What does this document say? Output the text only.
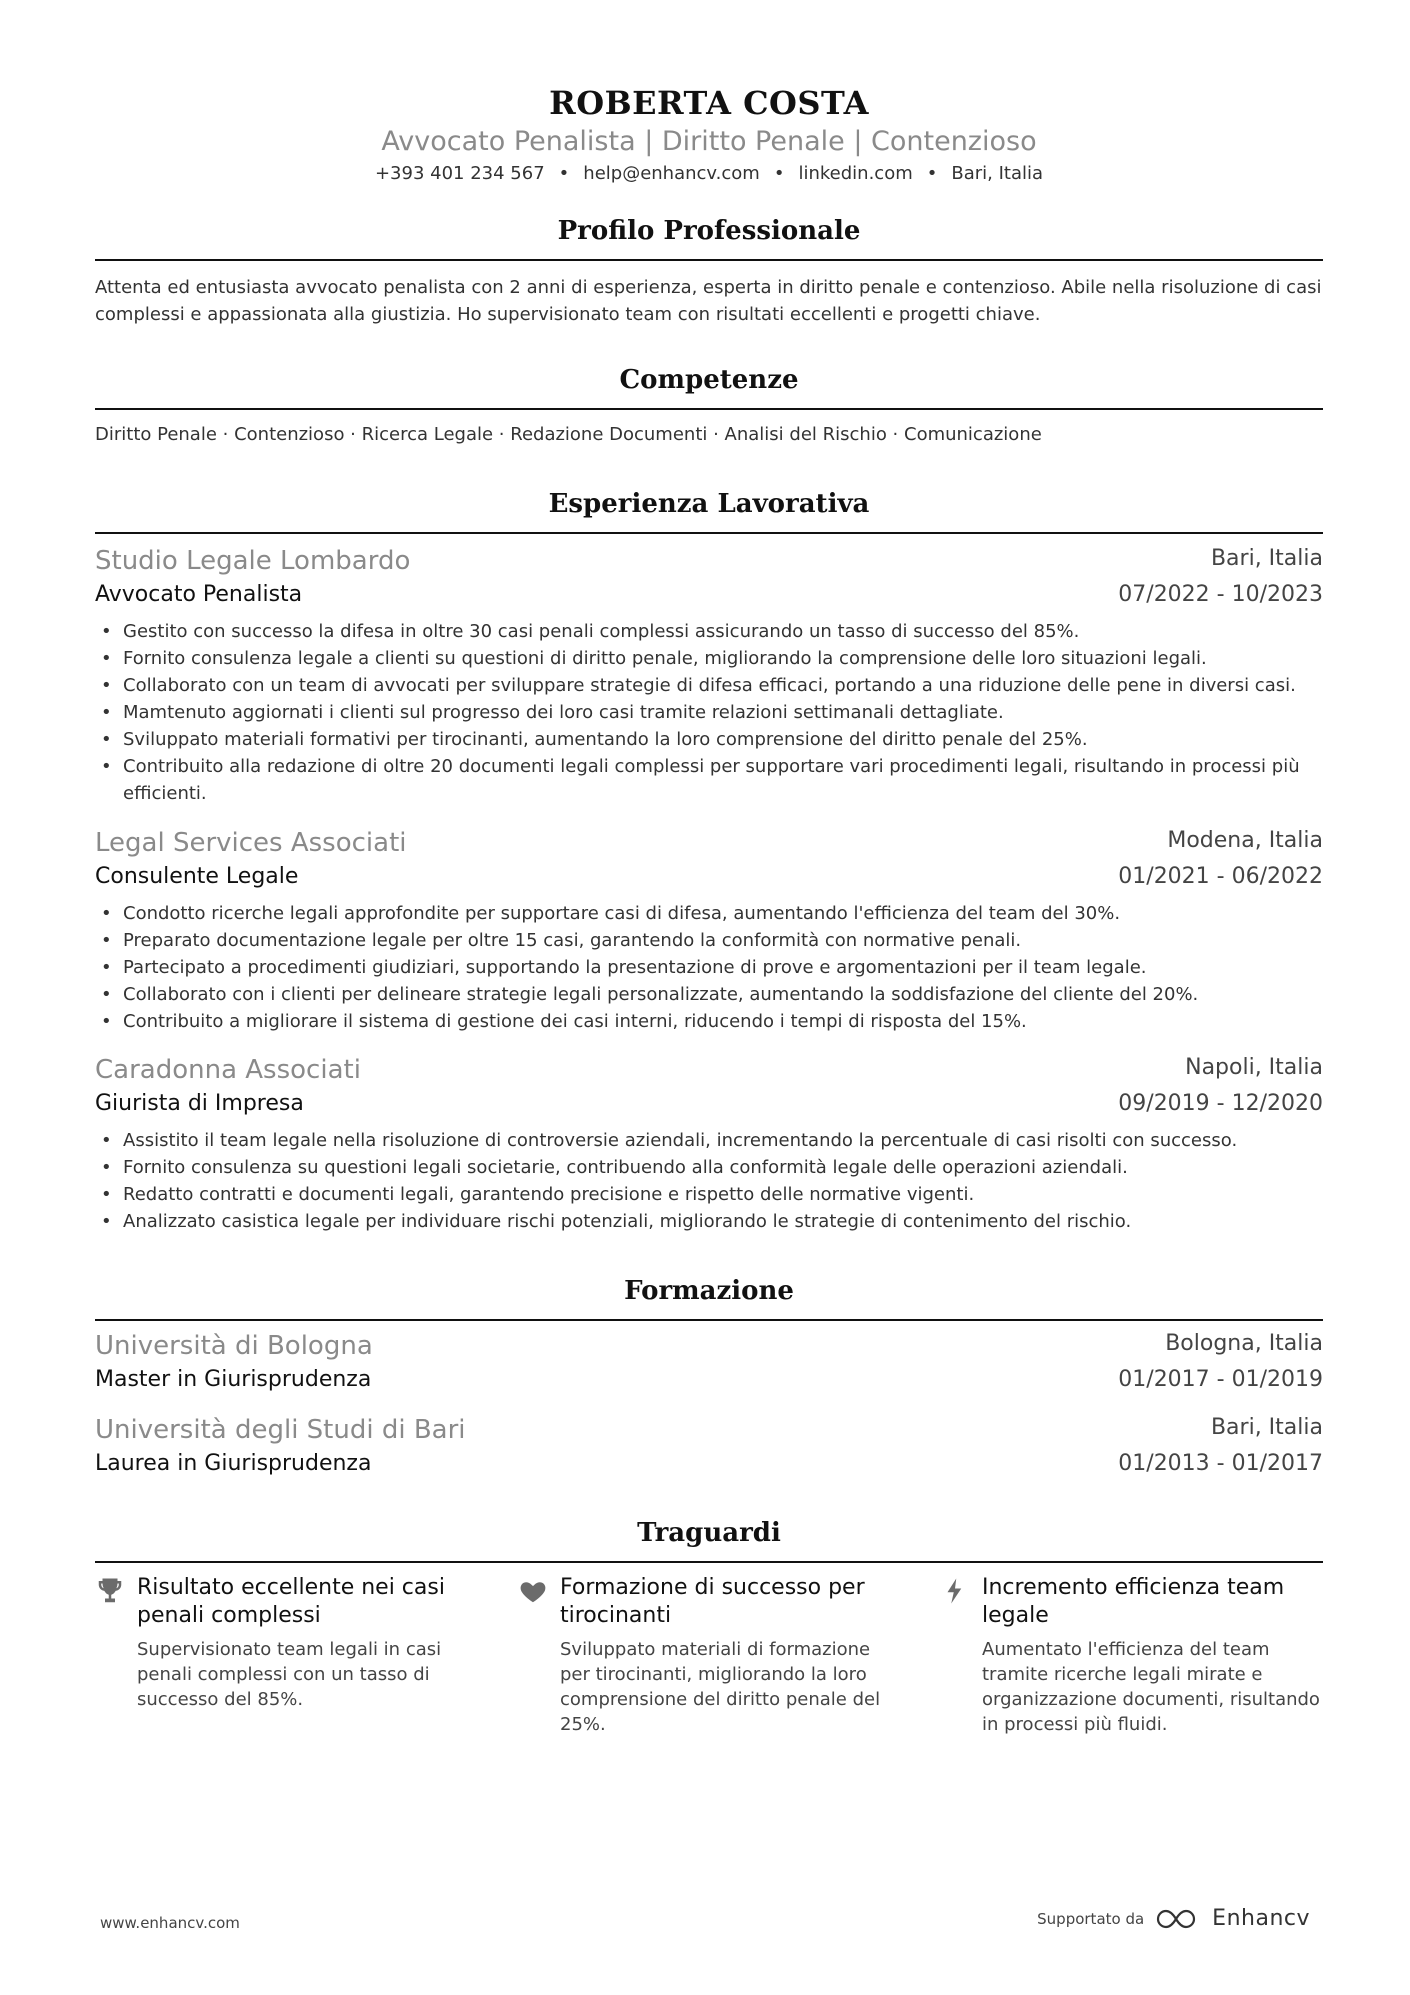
ROBERTA COSTA
Avvocato Penalista | Diritto Penale | Contenzioso
+393 401 234 567 • help@enhancv.com • linkedin.com • Bari, Italia
Profilo Professionale
Attenta ed entusiasta avvocato penalista con 2 anni di esperienza, esperta in diritto penale e contenzioso. Abile nella risoluzione di casi complessi e appassionata alla giustizia. Ho supervisionato team con risultati eccellenti e progetti chiave.
Competenze
Diritto Penale · Contenzioso · Ricerca Legale · Redazione Documenti · Analisi del Rischio · Comunicazione
Esperienza Lavorativa
Studio Legale Lombardo	Bari, Italia
Avvocato Penalista	07/2022 - 10/2023
• Gestito con successo la difesa in oltre 30 casi penali complessi assicurando un tasso di successo del 85%.
• Fornito consulenza legale a clienti su questioni di diritto penale, migliorando la comprensione delle loro situazioni legali.
• Collaborato con un team di avvocati per sviluppare strategie di difesa efficaci, portando a una riduzione delle pene in diversi casi.
• Mamtenuto aggiornati i clienti sul progresso dei loro casi tramite relazioni settimanali dettagliate.
• Sviluppato materiali formativi per tirocinanti, aumentando la loro comprensione del diritto penale del 25%.
• Contribuito alla redazione di oltre 20 documenti legali complessi per supportare vari procedimenti legali, risultando in processi più efficienti.
Legal Services Associati	Modena, Italia
Consulente Legale	01/2021 - 06/2022
• Condotto ricerche legali approfondite per supportare casi di difesa, aumentando l'efficienza del team del 30%.
• Preparato documentazione legale per oltre 15 casi, garantendo la conformità con normative penali.
• Partecipato a procedimenti giudiziari, supportando la presentazione di prove e argomentazioni per il team legale.
• Collaborato con i clienti per delineare strategie legali personalizzate, aumentando la soddisfazione del cliente del 20%.
• Contribuito a migliorare il sistema di gestione dei casi interni, riducendo i tempi di risposta del 15%.
Caradonna Associati	Napoli, Italia
Giurista di Impresa	09/2019 - 12/2020
• Assistito il team legale nella risoluzione di controversie aziendali, incrementando la percentuale di casi risolti con successo.
• Fornito consulenza su questioni legali societarie, contribuendo alla conformità legale delle operazioni aziendali.
• Redatto contratti e documenti legali, garantendo precisione e rispetto delle normative vigenti.
• Analizzato casistica legale per individuare rischi potenziali, migliorando le strategie di contenimento del rischio.
Formazione
Università di Bologna	Bologna, Italia
Master in Giurisprudenza	01/2017 - 01/2019
Università degli Studi di Bari	Bari, Italia
Laurea in Giurisprudenza	01/2013 - 01/2017
Traguardi
Risultato eccellente nei casi penali complessi
Supervisionato team legali in casi penali complessi con un tasso di successo del 85%.
Formazione di successo per tirocinanti
Sviluppato materiali di formazione per tirocinanti, migliorando la loro comprensione del diritto penale del 25%.
Incremento efficienza team legale
Aumentato l'efficienza del team tramite ricerche legali mirate e organizzazione documenti, risultando in processi più fluidi.
www.enhancv.com	Supportato da	Enhancv
